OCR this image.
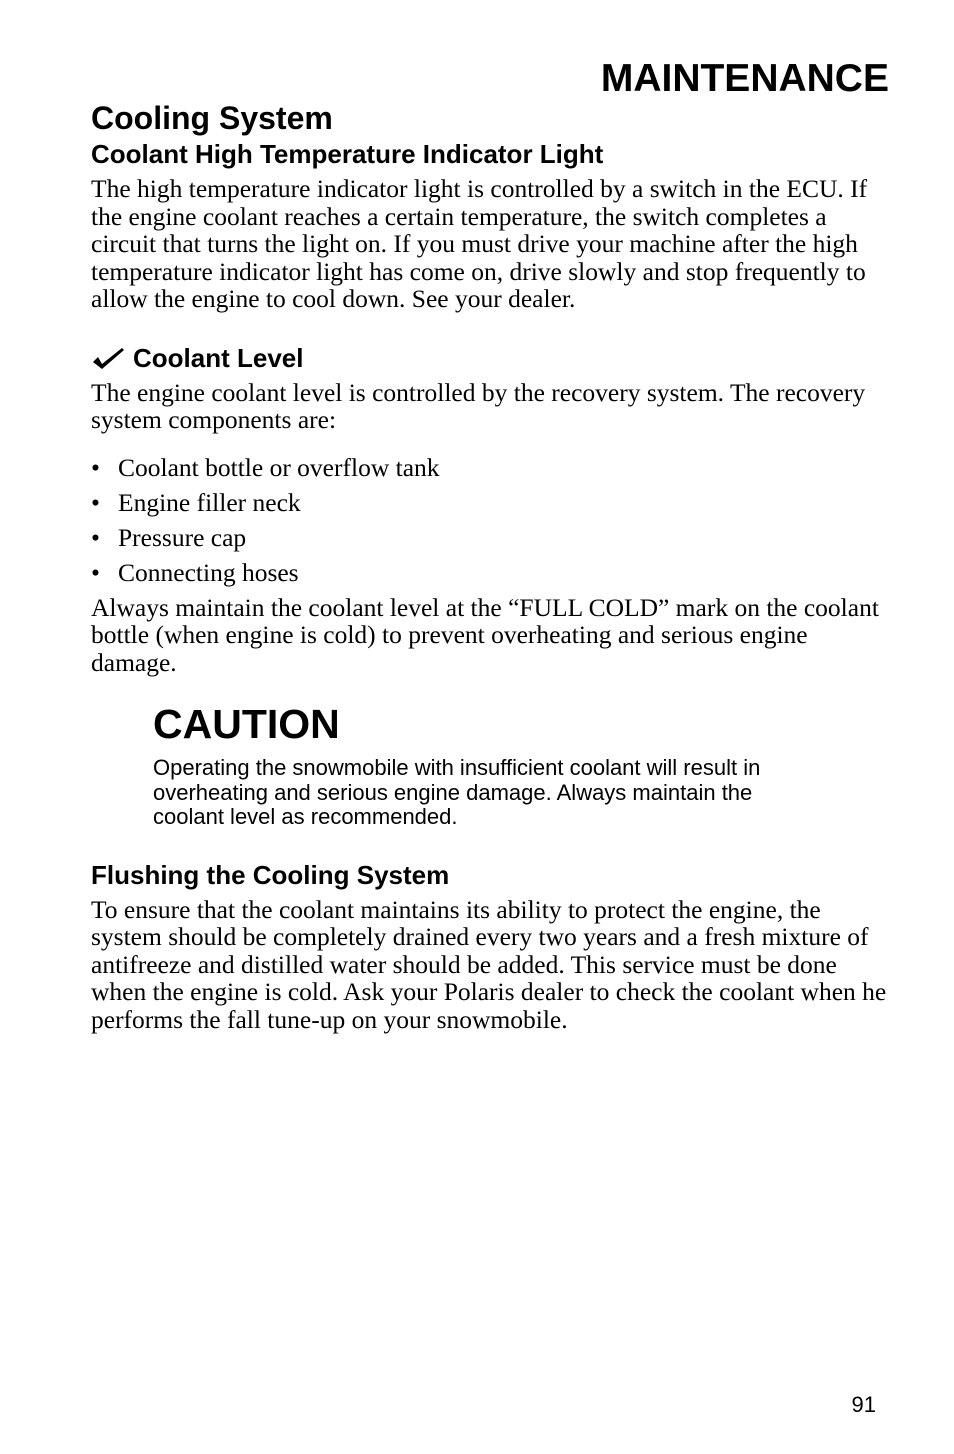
MAINTENANCE
Cooling System
Coolant High Temperature Indicator Light

The high temperature indicator light is controlled by a switch in the ECU. If the engine coolant reaches a certain temperature, the switch completes a circuit that turns the light on. If you must drive your machine after the high temperature indicator light has come on, drive slowly and stop frequently to allow the engine to cool down. See your dealer.

Coolant Level

The engine coolant level is controlled by the recovery system. The recovery system components are:

• Coolant bottle or overflow tank
• Engine filler neck
• Pressure cap
• Connecting hoses

Always maintain the coolant level at the “FULL COLD” mark on the coolant bottle (when engine is cold) to prevent overheating and serious engine damage.

CAUTION

Operating the snowmobile with insufficient coolant will result in
overheating and serious engine damage. Always maintain the
coolant level as recommended.

Flushing the Cooling System

To ensure that the coolant maintains its ability to protect the engine, the system should be completely drained every two years and a fresh mixture of antifreeze and distilled water should be added. This service must be done when the engine is cold. Ask your Polaris dealer to check the coolant when he performs the fall tune-up on your snowmobile.

91
